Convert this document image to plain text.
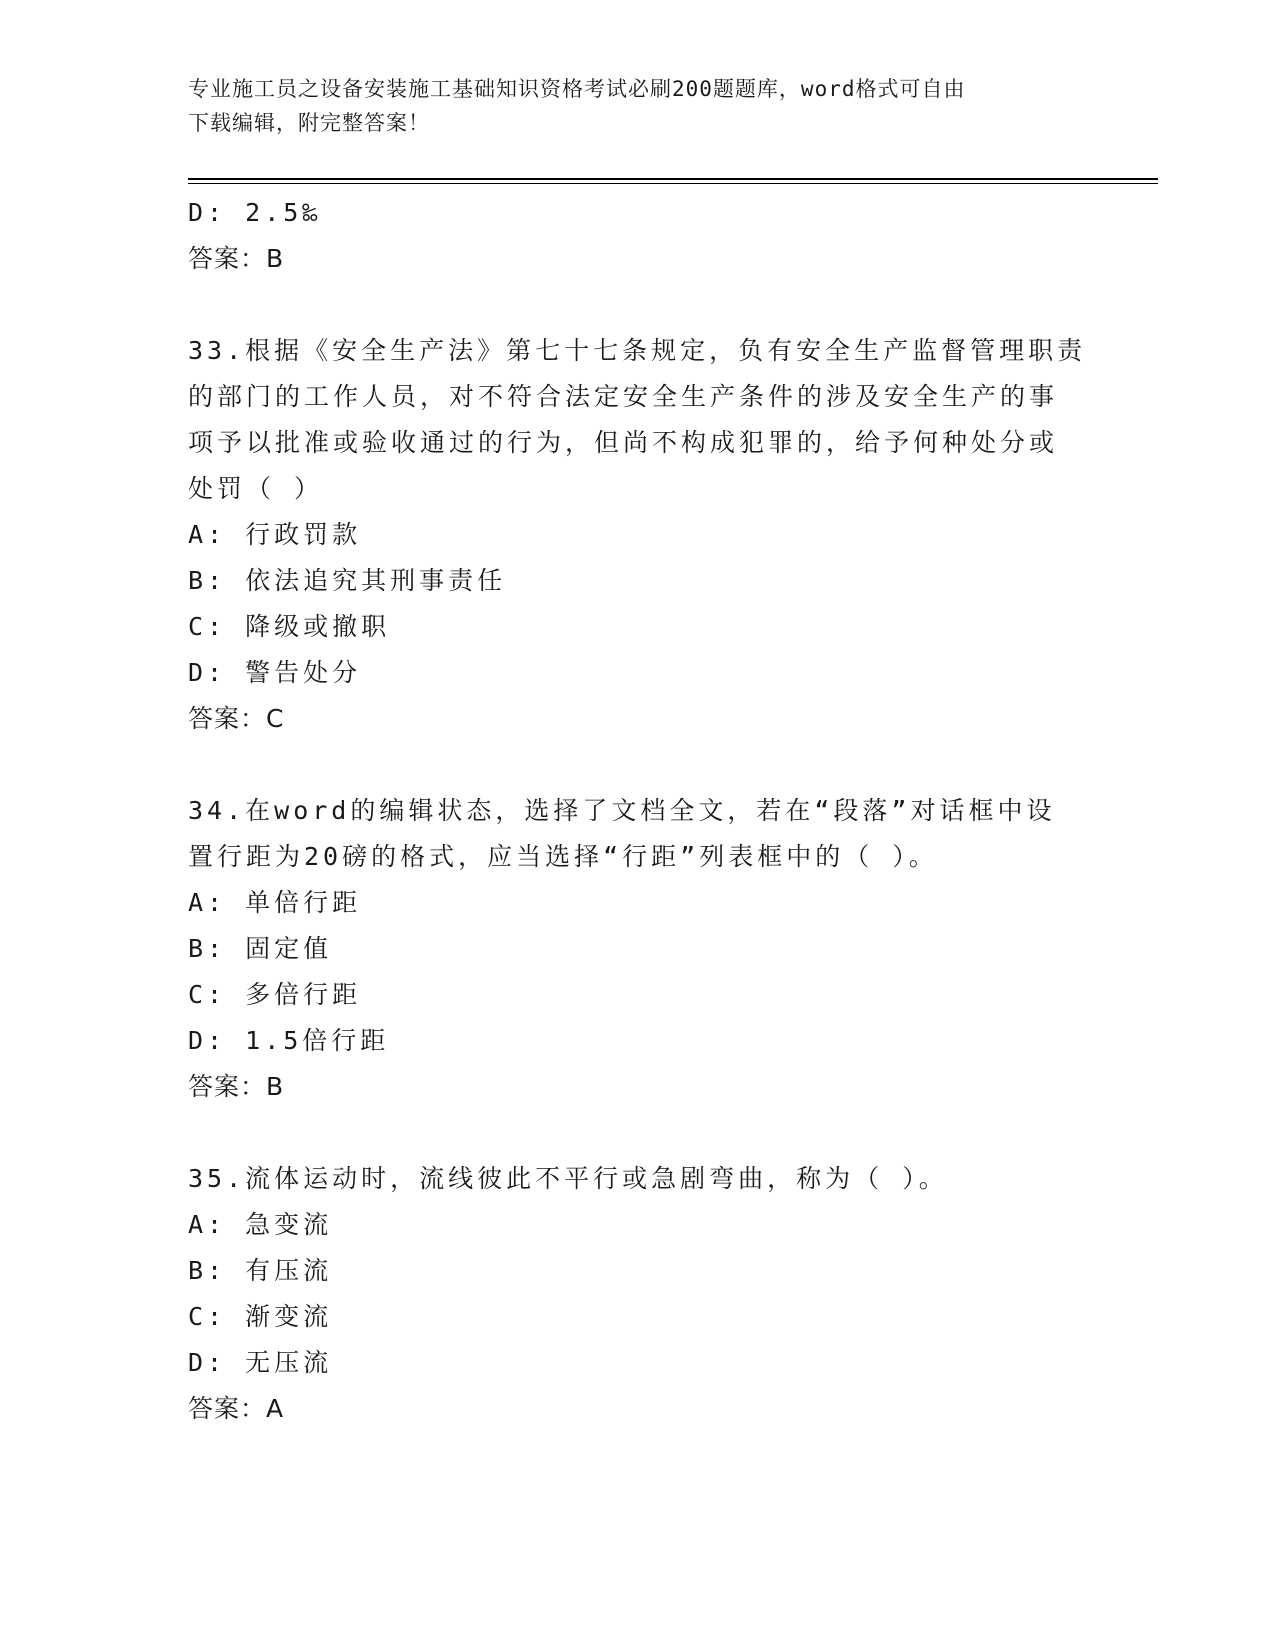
专业施工员之设备安装施工基础知识资格考试必刷200题题库，word格式可自由
下载编辑，附完整答案！
D: 2.5‰
答案：B
33.根据《安全生产法》第七十七条规定，负有安全生产监督管理职责
的部门的工作人员，对不符合法定安全生产条件的涉及安全生产的事
项予以批准或验收通过的行为，但尚不构成犯罪的，给予何种处分或
处罚（ ）
A: 行政罚款
B: 依法追究其刑事责任
C: 降级或撤职
D: 警告处分
答案：C
34.在word的编辑状态，选择了文档全文，若在“段落”对话框中设
置行距为20磅的格式，应当选择“行距”列表框中的（ ）。
A: 单倍行距
B: 固定值
C: 多倍行距
D: 1.5倍行距
答案：B
35.流体运动时，流线彼此不平行或急剧弯曲，称为（ ）。
A: 急变流
B: 有压流
C: 渐变流
D: 无压流
答案：A
